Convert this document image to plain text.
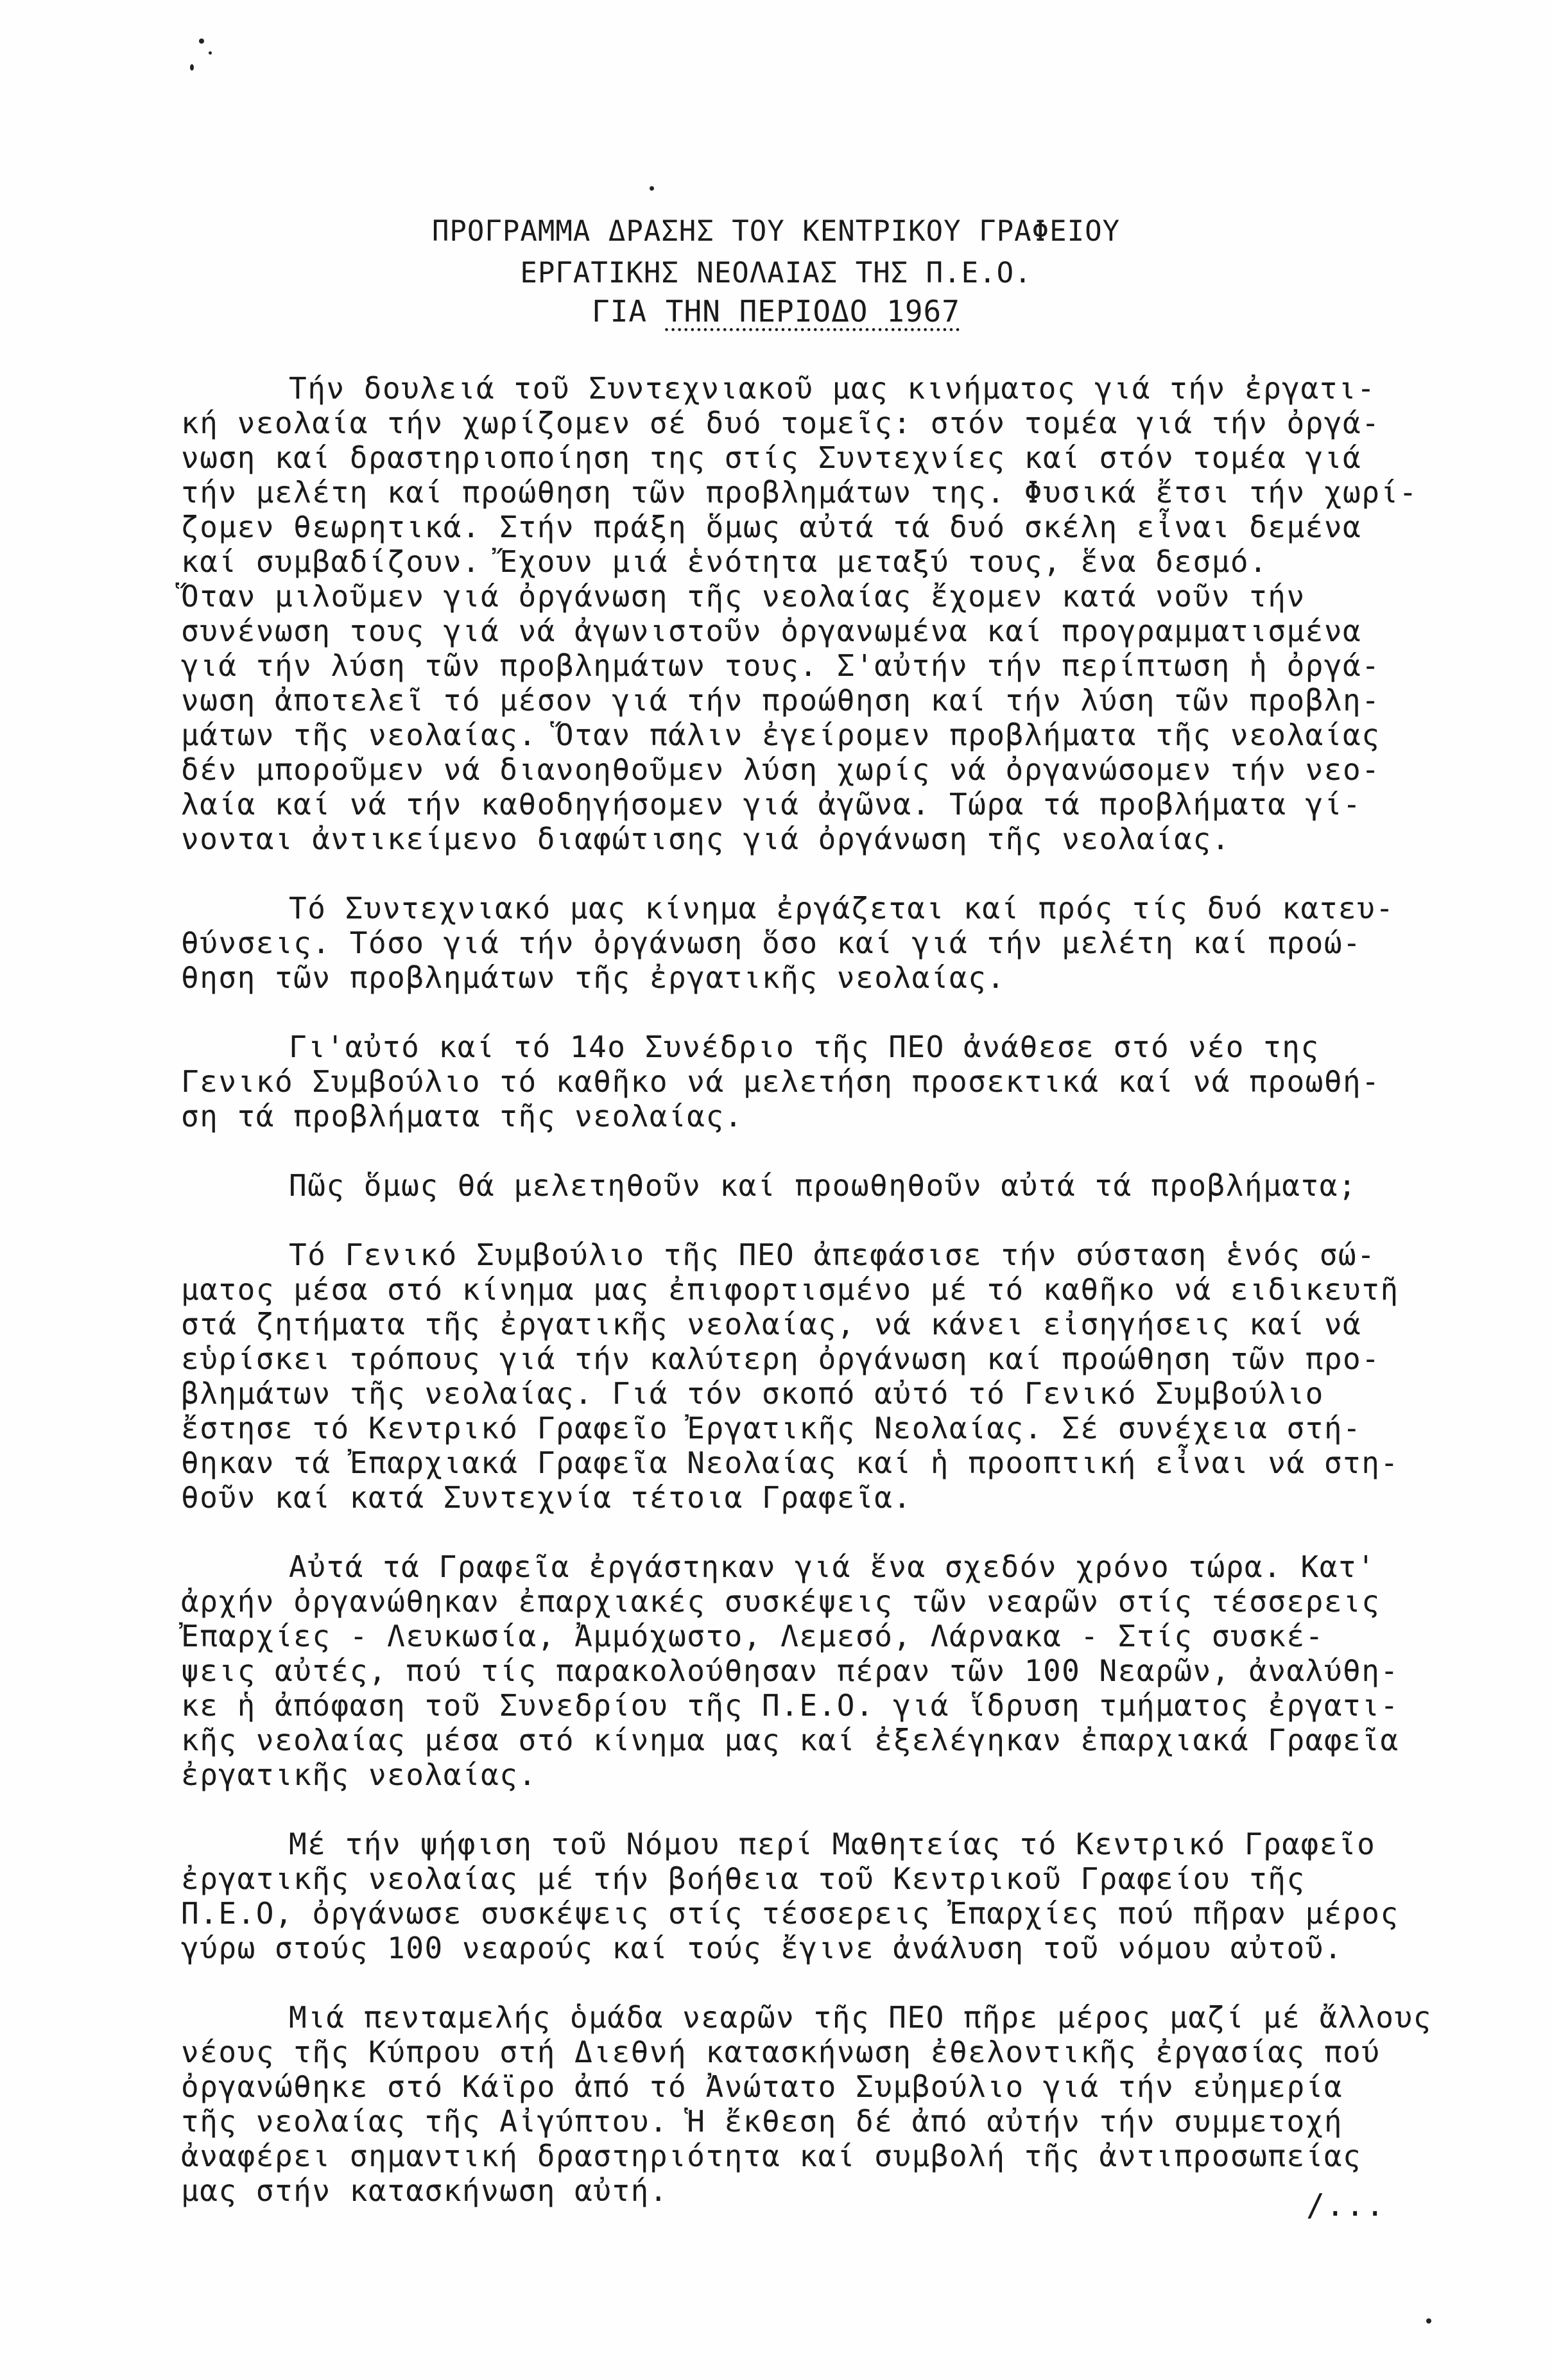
ΠΡΟΓΡΑΜΜΑ ΔΡΑΣΗΣ ΤΟΥ ΚΕΝΤΡΙΚΟΥ ΓΡΑΦΕΙΟΥ
ΕΡΓΑΤΙΚΗΣ ΝΕΟΛΑΙΑΣ ΤΗΣ Π.Ε.Ο.
ΓΙΑ ΤΗΝ ΠΕΡΙΟΔΟ 1967
Τήν δουλειά τοῦ Συντεχνιακοῦ μας κινήματος γιά τήν ἐργατι-
κή νεολαία τήν χωρίζομεν σέ δυό τομεῖς: στόν τομέα γιά τήν ὀργά-
νωση καί δραστηριοποίηση της στίς Συντεχνίες καί στόν τομέα γιά
τήν μελέτη καί προώθηση τῶν προβλημάτων της. Φυσικά ἔτσι τήν χωρί-
ζομεν θεωρητικά. Στήν πράξη ὅμως αὐτά τά δυό σκέλη εἶναι δεμένα
καί συμβαδίζουν. Ἔχουν μιά ἑνότητα μεταξύ τους, ἕνα δεσμό.
Ὅταν μιλοῦμεν γιά ὀργάνωση τῆς νεολαίας ἔχομεν κατά νοῦν τήν
συνένωση τους γιά νά ἀγωνιστοῦν ὀργανωμένα καί προγραμματισμένα
γιά τήν λύση τῶν προβλημάτων τους. Σ'αὐτήν τήν περίπτωση ἡ ὀργά-
νωση ἀποτελεῖ τό μέσον γιά τήν προώθηση καί τήν λύση τῶν προβλη-
μάτων τῆς νεολαίας. Ὅταν πάλιν ἐγείρομεν προβλήματα τῆς νεολαίας
δέν μποροῦμεν νά διανοηθοῦμεν λύση χωρίς νά ὀργανώσομεν τήν νεο-
λαία καί νά τήν καθοδηγήσομεν γιά ἀγῶνα. Τώρα τά προβλήματα γί-
νονται ἀντικείμενο διαφώτισης γιά ὀργάνωση τῆς νεολαίας.
Τό Συντεχνιακό μας κίνημα ἐργάζεται καί πρός τίς δυό κατευ-
θύνσεις. Τόσο γιά τήν ὀργάνωση ὅσο καί γιά τήν μελέτη καί προώ-
θηση τῶν προβλημάτων τῆς ἐργατικῆς νεολαίας.
Γι'αὐτό καί τό 14ο Συνέδριο τῆς ΠΕΟ ἀνάθεσε στό νέο της
Γενικό Συμβούλιο τό καθῆκο νά μελετήση προσεκτικά καί νά προωθή-
ση τά προβλήματα τῆς νεολαίας.
Πῶς ὅμως θά μελετηθοῦν καί προωθηθοῦν αὐτά τά προβλήματα;
Τό Γενικό Συμβούλιο τῆς ΠΕΟ ἀπεφάσισε τήν σύσταση ἑνός σώ-
ματος μέσα στό κίνημα μας ἐπιφορτισμένο μέ τό καθῆκο νά ειδικευτῆ
στά ζητήματα τῆς ἐργατικῆς νεολαίας, νά κάνει εἰσηγήσεις καί νά
εὑρίσκει τρόπους γιά τήν καλύτερη ὀργάνωση καί προώθηση τῶν προ-
βλημάτων τῆς νεολαίας. Γιά τόν σκοπό αὐτό τό Γενικό Συμβούλιο
ἔστησε τό Κεντρικό Γραφεῖο Ἐργατικῆς Νεολαίας. Σέ συνέχεια στή-
θηκαν τά Ἐπαρχιακά Γραφεῖα Νεολαίας καί ἡ προοπτική εἶναι νά στη-
θοῦν καί κατά Συντεχνία τέτοια Γραφεῖα.
Αὐτά τά Γραφεῖα ἐργάστηκαν γιά ἕνα σχεδόν χρόνο τώρα. Κατ'
ἀρχήν ὀργανώθηκαν ἐπαρχιακές συσκέψεις τῶν νεαρῶν στίς τέσσερεις
Ἐπαρχίες - Λευκωσία, Ἀμμόχωστο, Λεμεσό, Λάρνακα - Στίς συσκέ-
ψεις αὐτές, πού τίς παρακολούθησαν πέραν τῶν 100 Νεαρῶν, ἀναλύθη-
κε ἡ ἀπόφαση τοῦ Συνεδρίου τῆς Π.Ε.Ο. γιά ἵδρυση τμήματος ἐργατι-
κῆς νεολαίας μέσα στό κίνημα μας καί ἐξελέγηκαν ἐπαρχιακά Γραφεῖα
ἐργατικῆς νεολαίας.
Μέ τήν ψήφιση τοῦ Νόμου περί Μαθητείας τό Κεντρικό Γραφεῖο
ἐργατικῆς νεολαίας μέ τήν βοήθεια τοῦ Κεντρικοῦ Γραφείου τῆς
Π.Ε.Ο, ὀργάνωσε συσκέψεις στίς τέσσερεις Ἐπαρχίες πού πῆραν μέρος
γύρω στούς 100 νεαρούς καί τούς ἔγινε ἀνάλυση τοῦ νόμου αὐτοῦ.
Μιά πενταμελής ὁμάδα νεαρῶν τῆς ΠΕΟ πῆρε μέρος μαζί μέ ἄλλους
νέους τῆς Κύπρου στή Διεθνή κατασκήνωση ἐθελοντικῆς ἐργασίας πού
ὀργανώθηκε στό Κάϊρο ἀπό τό Ἀνώτατο Συμβούλιο γιά τήν εὐημερία
τῆς νεολαίας τῆς Αἰγύπτου. Ἡ ἔκθεση δέ ἀπό αὐτήν τήν συμμετοχή
ἀναφέρει σημαντική δραστηριότητα καί συμβολή τῆς ἀντιπροσωπείας
μας στήν κατασκήνωση αὐτή.	/...
